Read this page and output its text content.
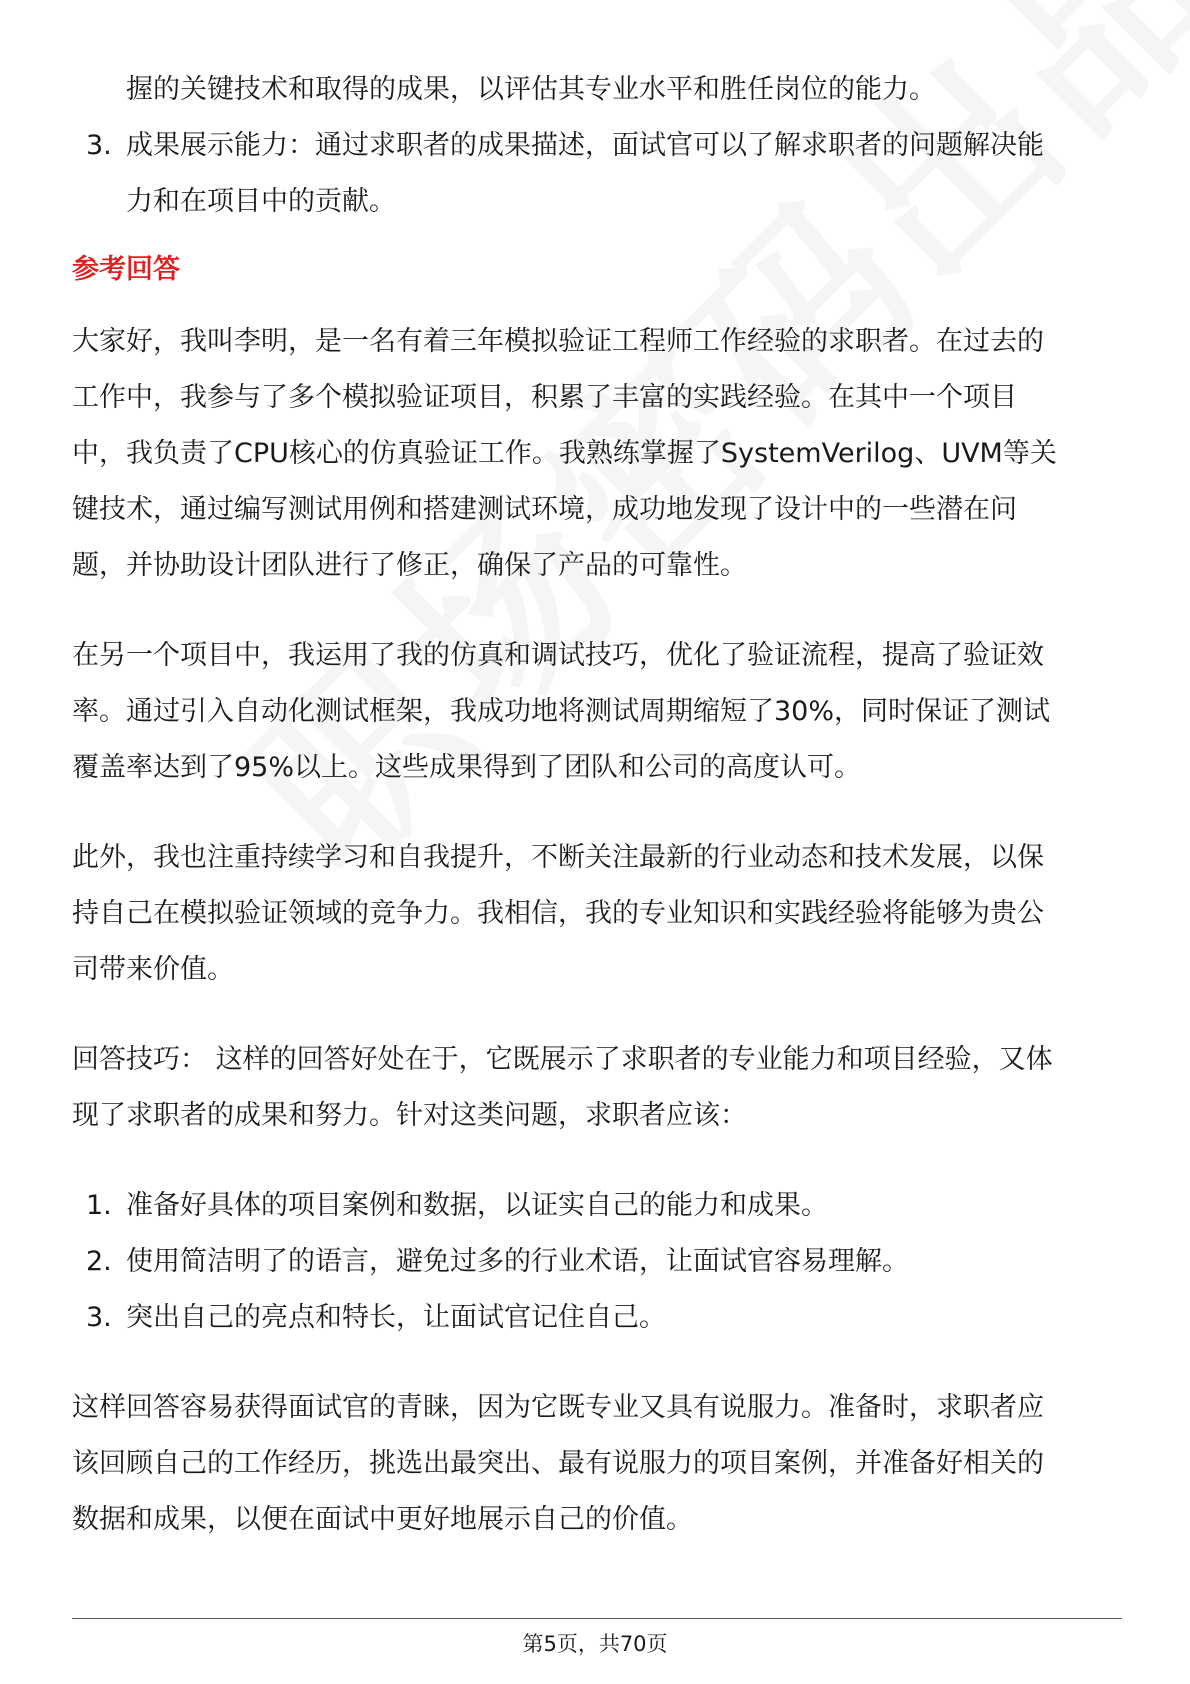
握的关键技术和取得的成果，以评估其专业水平和胜任岗位的能力。
3. 成果展示能力：通过求职者的成果描述，面试官可以了解求职者的问题解决能
力和在项目中的贡献。
参考回答
大家好，我叫李明，是一名有着三年模拟验证工程师工作经验的求职者。在过去的
工作中，我参与了多个模拟验证项目，积累了丰富的实践经验。在其中一个项目
中，我负责了CPU核心的仿真验证工作。我熟练掌握了SystemVerilog、UVM等关
键技术，通过编写测试用例和搭建测试环境，成功地发现了设计中的一些潜在问
题，并协助设计团队进行了修正，确保了产品的可靠性。
在另一个项目中，我运用了我的仿真和调试技巧，优化了验证流程，提高了验证效
率。通过引入自动化测试框架，我成功地将测试周期缩短了30%，同时保证了测试
覆盖率达到了95%以上。这些成果得到了团队和公司的高度认可。
此外，我也注重持续学习和自我提升，不断关注最新的行业动态和技术发展，以保
持自己在模拟验证领域的竞争力。我相信，我的专业知识和实践经验将能够为贵公
司带来价值。
回答技巧： 这样的回答好处在于，它既展示了求职者的专业能力和项目经验，又体
现了求职者的成果和努力。针对这类问题，求职者应该：
1. 准备好具体的项目案例和数据，以证实自己的能力和成果。
2. 使用简洁明了的语言，避免过多的行业术语，让面试官容易理解。
3. 突出自己的亮点和特长，让面试官记住自己。
这样回答容易获得面试官的青睐，因为它既专业又具有说服力。准备时，求职者应
该回顾自己的工作经历，挑选出最突出、最有说服力的项目案例，并准备好相关的
数据和成果，以便在面试中更好地展示自己的价值。
第5页，共70页
